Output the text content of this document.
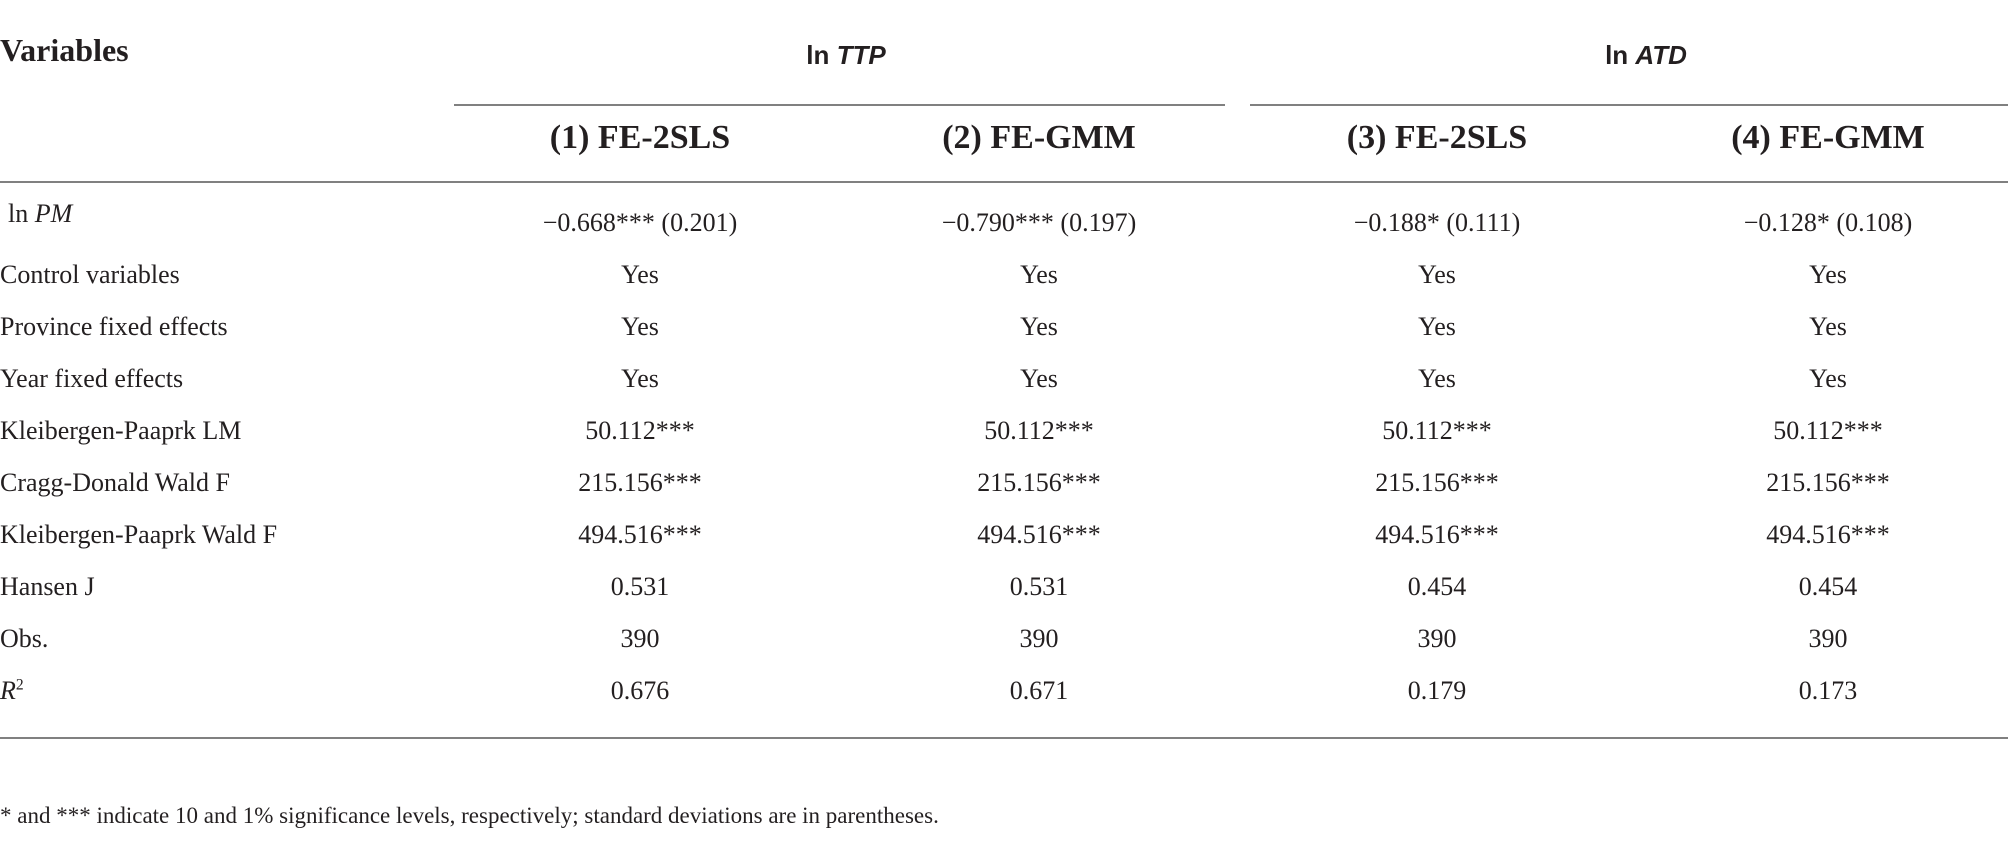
Variables	ln TTP	ln ATD
(1) FE-2SLS	(2) FE-GMM	(3) FE-2SLS	(4) FE-GMM
ln PM	−0.668*** (0.201)	−0.790*** (0.197)	−0.188* (0.111)	−0.128* (0.108)
Control variables	Yes	Yes	Yes	Yes
Province fixed effects	Yes	Yes	Yes	Yes
Year fixed effects	Yes	Yes	Yes	Yes
Kleibergen-Paaprk LM	50.112***	50.112***	50.112***	50.112***
Cragg-Donald Wald F	215.156***	215.156***	215.156***	215.156***
Kleibergen-Paaprk Wald F	494.516***	494.516***	494.516***	494.516***
Hansen J	0.531	0.531	0.454	0.454
Obs.	390	390	390	390
$R^2$	0.676	0.671	0.179	0.173
* and *** indicate 10 and 1% significance levels, respectively; standard deviations are in parentheses.
